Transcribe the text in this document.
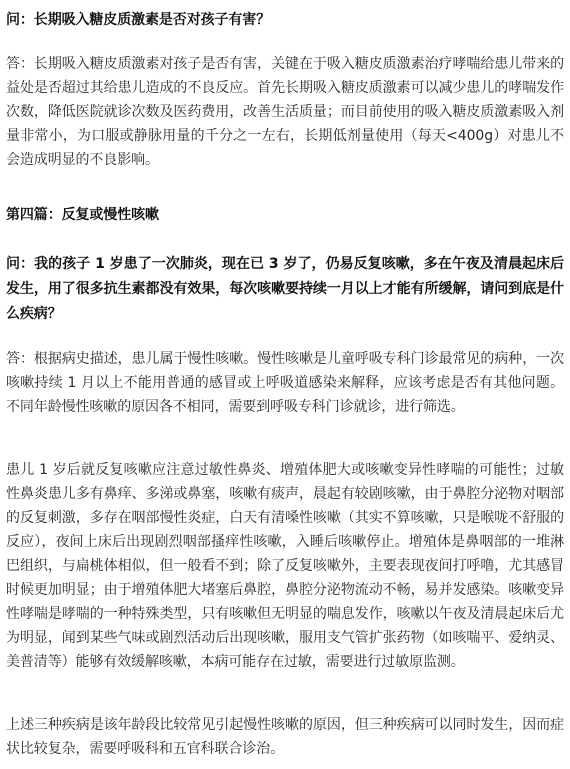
问：长期吸入糖皮质激素是否对孩子有害？
答：长期吸入糖皮质激素对孩子是否有害，关键在于吸入糖皮质激素治疗哮喘给患儿带来的益处是否超过其给患儿造成的不良反应。首先长期吸入糖皮质激素可以减少患儿的哮喘发作次数，降低医院就诊次数及医药费用，改善生活质量；而目前使用的吸入糖皮质激素吸入剂量非常小，为口服或静脉用量的千分之一左右，长期低剂量使用（每天<400g）对患儿不会造成明显的不良影响。
第四篇：反复或慢性咳嗽
问：我的孩子 1 岁患了一次肺炎，现在已 3 岁了，仍易反复咳嗽，多在午夜及清晨起床后发生，用了很多抗生素都没有效果，每次咳嗽要持续一月以上才能有所缓解，请问到底是什么疾病？
答：根据病史描述，患儿属于慢性咳嗽。慢性咳嗽是儿童呼吸专科门诊最常见的病种，一次咳嗽持续 1 月以上不能用普通的感冒或上呼吸道感染来解释，应该考虑是否有其他问题。不同年龄慢性咳嗽的原因各不相同，需要到呼吸专科门诊就诊，进行筛选。
患儿 1 岁后就反复咳嗽应注意过敏性鼻炎、增殖体肥大或咳嗽变异性哮喘的可能性；过敏性鼻炎患儿多有鼻痒、多涕或鼻塞，咳嗽有痰声，晨起有较剧咳嗽，由于鼻腔分泌物对咽部的反复刺激，多存在咽部慢性炎症，白天有清嗓性咳嗽（其实不算咳嗽，只是喉咙不舒服的反应），夜间上床后出现剧烈咽部搔痒性咳嗽，入睡后咳嗽停止。增殖体是鼻咽部的一堆淋巴组织，与扁桃体相似，但一般看不到；除了反复咳嗽外，主要表现夜间打呼噜，尤其感冒时候更加明显；由于增殖体肥大堵塞后鼻腔，鼻腔分泌物流动不畅，易并发感染。咳嗽变异性哮喘是哮喘的一种特殊类型，只有咳嗽但无明显的喘息发作，咳嗽以午夜及清晨起床后尤为明显，闻到某些气味或剧烈活动后出现咳嗽，服用支气管扩张药物（如咳喘平、爱纳灵、美普清等）能够有效缓解咳嗽，本病可能存在过敏，需要进行过敏原监测。
上述三种疾病是该年龄段比较常见引起慢性咳嗽的原因，但三种疾病可以同时发生，因而症状比较复杂，需要呼吸科和五官科联合诊治。
